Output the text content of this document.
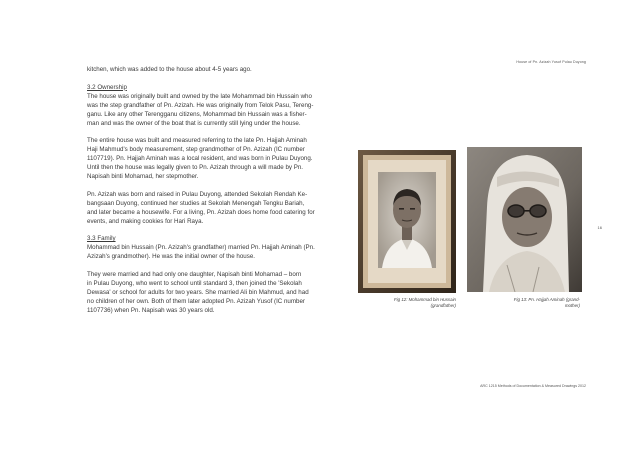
House of Pn. Azizah Yusof Pulau Duyong
16
ARC 1215 Methods of Documentation & Measured Drawings 2012

kitchen, which was added to the house about 4-5 years ago.

3.2 Ownership

The house was originally built and owned by the late Mohammad bin Hussain who

was the step grandfather of Pn. Azizah. He was originally from Telok Pasu, Tereng-

ganu. Like any other Terengganu citizens, Mohammad bin Hussain was a fisher-

man and was the owner of the boat that is currently still lying under the house.

The entire house was built and measured referring to the late Pn. Hajjah Aminah

Haji Mahmud's body measurement, step grandmother of Pn. Azizah (IC number

1107719). Pn. Hajjah Aminah was a local resident, and was born in Pulau Duyong.

Until then the house was legally given to Pn. Azizah through a will made by Pn.

Napisah binti Mohamad, her stepmother.

Pn. Azizah was born and raised in Pulau Duyong, attended Sekolah Rendah Ke-

bangsaan Duyong, continued her studies at Sekolah Menengah Tengku Bariah,

and later became a housewife. For a living, Pn. Azizah does home food catering for

events, and making cookies for Hari Raya.

3.3 Family

Mohammad bin Hussain (Pn. Azizah's grandfather) married Pn. Hajjah Aminah (Pn.

Azizah's grandmother). He was the initial owner of the house.

They were married and had only one daughter, Napisah binti Mohamad – born

in Pulau Duyong, who went to school until standard 3, then joined the 'Sekolah

Dewasa' or school for adults for two years. She married Ali bin Mahmud, and had

no children of her own. Both of them later adopted Pn. Azizah Yusof (IC number

1107736) when Pn. Napisah was 30 years old.

Fig 12: Mohammad bin Hussain
(grandfather)
Fig 13: Pn. Hajjah Aminah (grand-
mother)
